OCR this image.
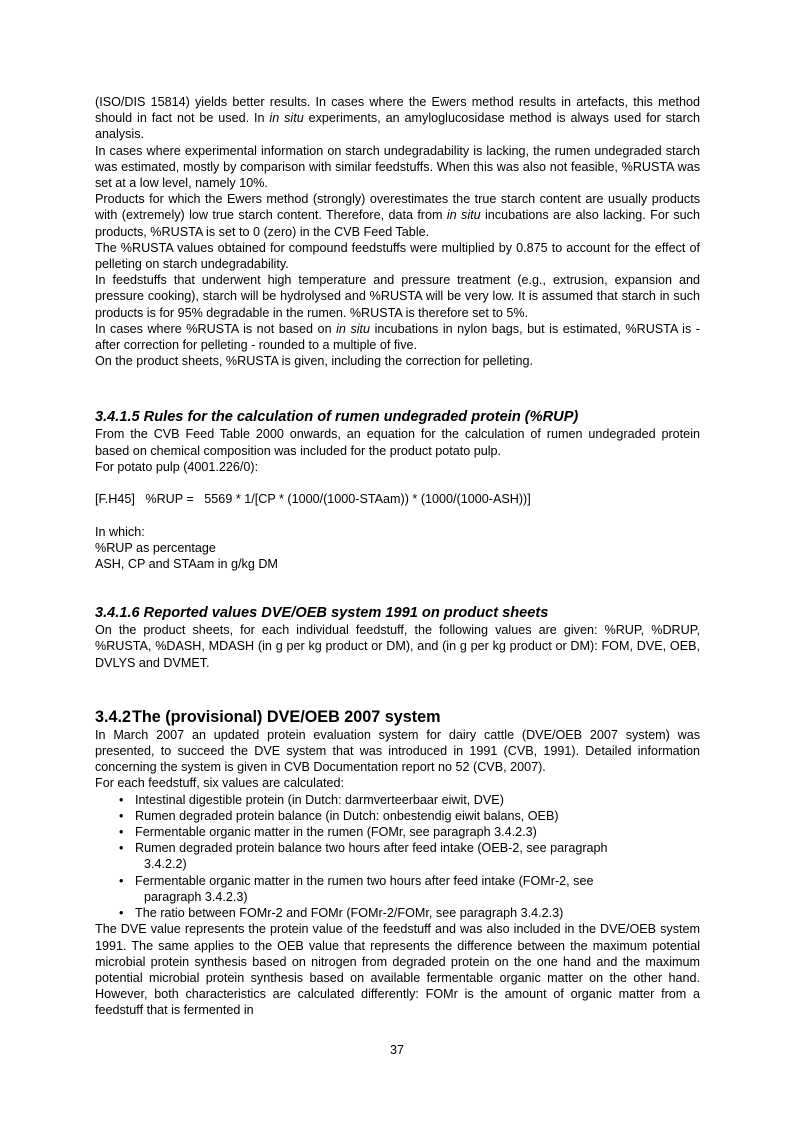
(ISO/DIS 15814) yields better results. In cases where the Ewers method results in artefacts, this method should in fact not be used. In in situ experiments, an amyloglucosidase method is always used for starch analysis.

In cases where experimental information on starch undegradability is lacking, the rumen undegraded starch was estimated, mostly by comparison with similar feedstuffs. When this was also not feasible, %RUSTA was set at a low level, namely 10%.

Products for which the Ewers method (strongly) overestimates the true starch content are usually products with (extremely) low true starch content. Therefore, data from in situ incubations are also lacking. For such products, %RUSTA is set to 0 (zero) in the CVB Feed Table.

The %RUSTA values obtained for compound feedstuffs were multiplied by 0.875 to account for the effect of pelleting on starch undegradability.

In feedstuffs that underwent high temperature and pressure treatment (e.g., extrusion, expansion and pressure cooking), starch will be hydrolysed and %RUSTA will be very low. It is assumed that starch in such products is for 95% degradable in the rumen. %RUSTA is therefore set to 5%.

In cases where %RUSTA is not based on in situ incubations in nylon bags, but is estimated, %RUSTA is - after correction for pelleting - rounded to a multiple of five.

On the product sheets, %RUSTA is given, including the correction for pelleting.

3.4.1.5 Rules for the calculation of rumen undegraded protein (%RUP)

From the CVB Feed Table 2000 onwards, an equation for the calculation of rumen undegraded protein based on chemical composition was included for the product potato pulp.

For potato pulp (4001.226/0):

[F.H45]   %RUP =   5569 * 1/[CP * (1000/(1000-STAam)) * (1000/(1000-ASH))]

In which:

%RUP as percentage

ASH, CP and STAam in g/kg DM

3.4.1.6 Reported values DVE/OEB system 1991 on product sheets

On the product sheets, for each individual feedstuff, the following values are given: %RUP, %DRUP, %RUSTA, %DASH, MDASH (in g per kg product or DM), and (in g per kg product or DM): FOM, DVE, OEB, DVLYS and DVMET.

3.4.2The (provisional) DVE/OEB 2007 system

In March 2007 an updated protein evaluation system for dairy cattle (DVE/OEB 2007 system) was presented, to succeed the DVE system that was introduced in 1991 (CVB, 1991). Detailed information concerning the system is given in CVB Documentation report no 52 (CVB, 2007).

For each feedstuff, six values are calculated:

• Intestinal digestible protein (in Dutch: darmverteerbaar eiwit, DVE)
• Rumen degraded protein balance (in Dutch: onbestendig eiwit balans, OEB)
• Fermentable organic matter in the rumen (FOMr, see paragraph 3.4.2.3)
• Rumen degraded protein balance two hours after feed intake (OEB-2, see paragraph
3.4.2.2)
• Fermentable organic matter in the rumen two hours after feed intake (FOMr-2, see
paragraph 3.4.2.3)
• The ratio between FOMr-2 and FOMr (FOMr-2/FOMr, see paragraph 3.4.2.3)

The DVE value represents the protein value of the feedstuff and was also included in the DVE/OEB system 1991. The same applies to the OEB value that represents the difference between the maximum potential microbial protein synthesis based on nitrogen from degraded protein on the one hand and the maximum potential microbial protein synthesis based on available fermentable organic matter on the other hand. However, both characteristics are calculated differently: FOMr is the amount of organic matter from a feedstuff that is fermented in

37
